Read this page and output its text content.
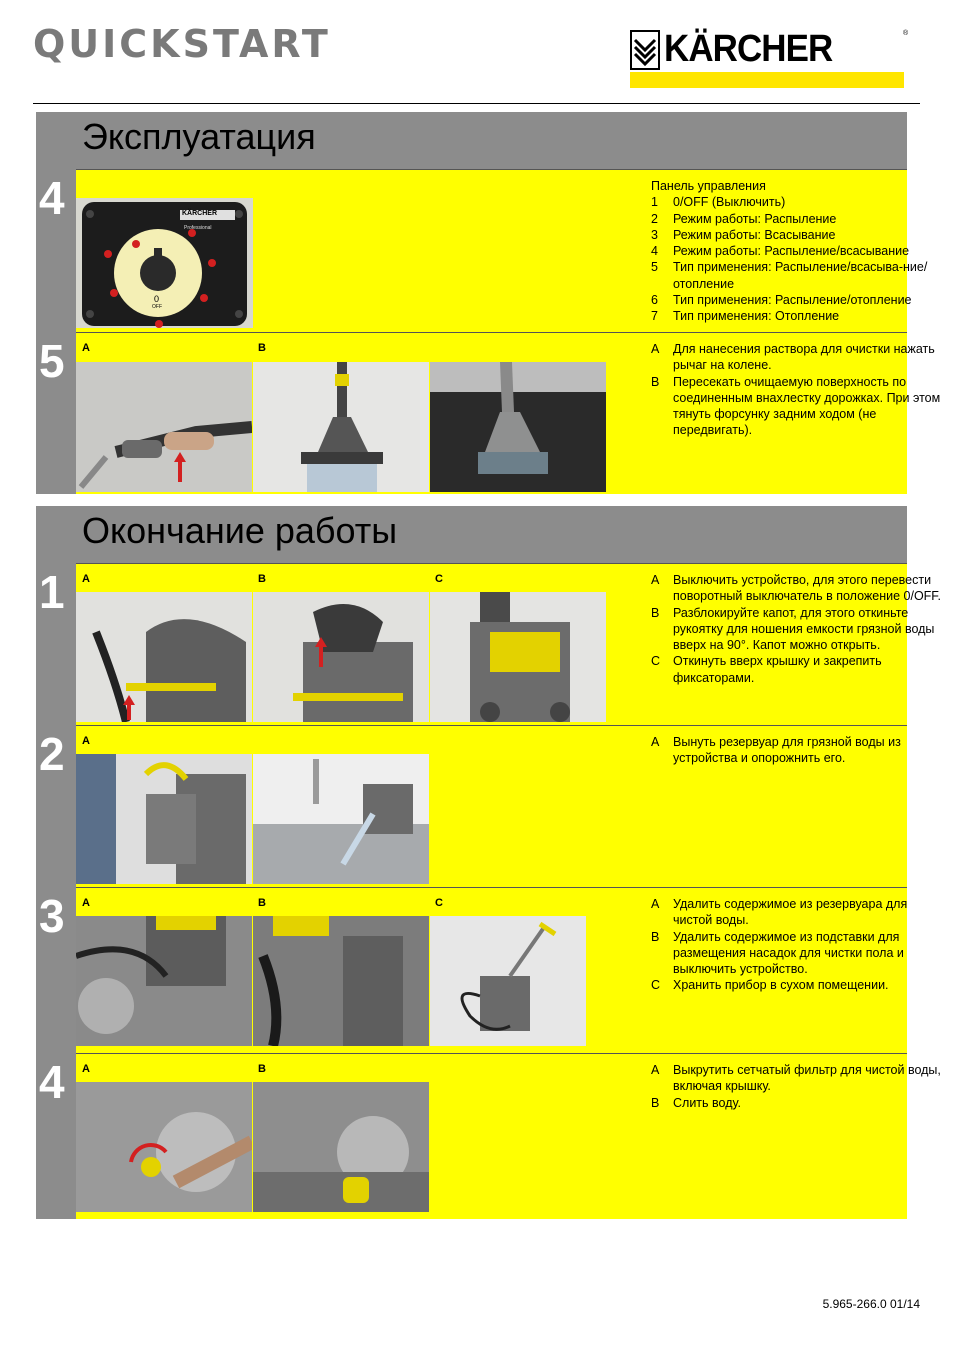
QUICKSTART	KÄRCHER	®
Эксплуатация
4	KÄRCHER
Professional
0
OFF
Панель управления
1	0/OFF (Выключить)
2	Режим работы: Распыление
3	Режим работы: Всасывание
4	Режим работы: Распыление/всасывание
5	Тип применения: Распыление/всасыва-ние/отопление
6	Тип применения: Распыление/отопление
7	Тип применения: Отопление
5 A	B	A	Для нанесения раствора для очистки нажать рычаг на колене.
B	Пересекать очищаемую поверхность по соединенным внахлестку дорожках. При этом тянуть форсунку задним ходом (не передвигать).
Окончание работы
1 A	B	C	A	Выключить устройство, для этого перевести поворотный выключатель в положение 0/OFF.
B	Разблокируйте капот, для этого откиньте рукоятку для ношения емкости грязной воды вверх на 90°. Капот можно открыть.
C	Откинуть вверх крышку и закрепить фиксаторами.
2 A	A	Вынуть резервуар для грязной воды из устройства и опорожнить его.
3 A	B	C	A	Удалить содержимое из резервуара для чистой воды.
B	Удалить содержимое из подставки для размещения насадок для чистки пола и выключить устройство.
C	Хранить прибор в сухом помещении.
4 A	B	A	Выкрутить сетчатый фильтр для чистой воды, включая крышку.
B	Слить воду.
5.965-266.0 01/14
